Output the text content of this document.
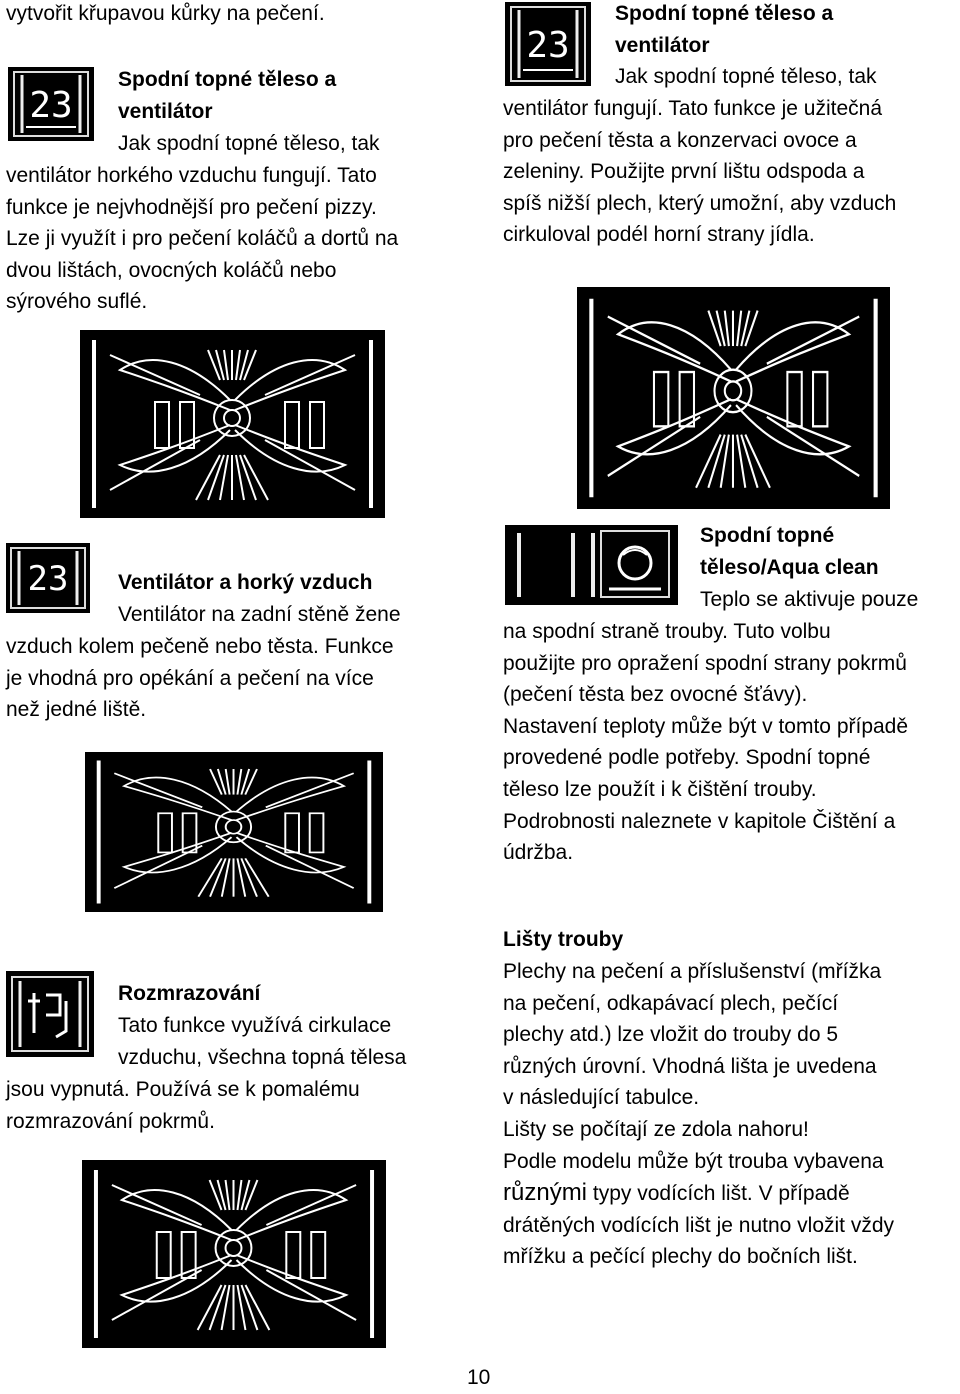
vytvořit křupavou kůrky na pečení.
23
Spodní topné těleso a
ventilátor
Jak spodní topné těleso, tak
ventilátor horkého vzduchu fungují. Tato
funkce je nejvhodnější pro pečení pizzy.
Lze ji využít i pro pečení koláčů a dortů na
dvou lištách, ovocných koláčů nebo
sýrového suflé.
23
Spodní topné těleso a
ventilátor
Jak spodní topné těleso, tak
ventilátor fungují. Tato funkce je užitečná
pro pečení těsta a konzervaci ovoce a
zeleniny. Použijte první lištu odspoda a
spíš nižší plech, který umožní, aby vzduch
cirkuloval podél horní strany jídla.
23 Ventilátor a horký vzduch
Ventilátor na zadní stěně žene
vzduch kolem pečeně nebo těsta. Funkce
je vhodná pro opékání a pečení na více
než jedné liště.
Spodní topné
těleso/Aqua clean
Teplo se aktivuje pouze
na spodní straně trouby. Tuto volbu
použijte pro opražení spodní strany pokrmů
(pečení těsta bez ovocné šťávy).
Nastavení teploty může být v tomto případě
provedené podle potřeby. Spodní topné
těleso lze použít i k čištění trouby.
Podrobnosti naleznete v kapitole Čištění a
údržba.
Rozmrazování
Tato funkce využívá cirkulace
vzduchu, všechna topná tělesa
jsou vypnutá. Používá se k pomalému
rozmrazování pokrmů.
Lišty trouby
Plechy na pečení a příslušenství (mřížka
na pečení, odkapávací plech, pečící
plechy atd.) lze vložit do trouby do 5
různých úrovní. Vhodná lišta je uvedena
v následující tabulce.
Lišty se počítají ze zdola nahoru!
Podle modelu může být trouba vybavena
různými typy vodících lišt. V případě
drátěných vodících lišt je nutno vložit vždy
mřížku a pečící plechy do bočních lišt.
10
